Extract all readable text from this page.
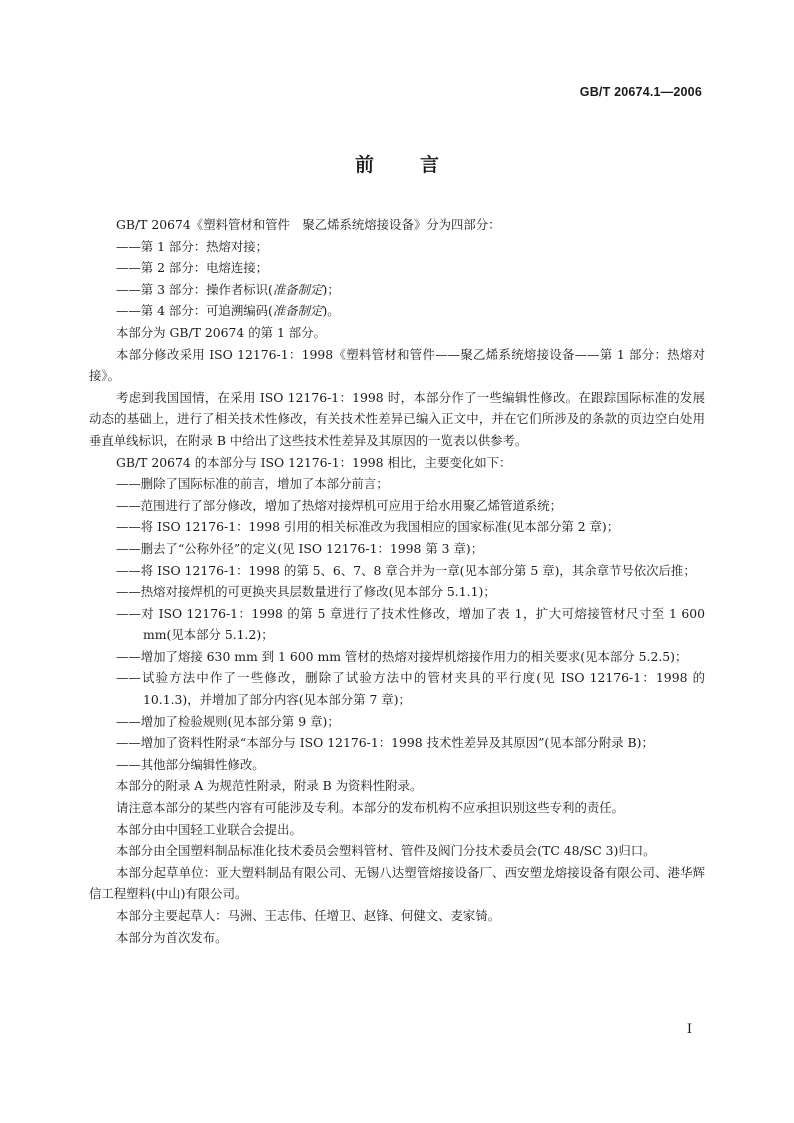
GB/T 20674.1—2006
前言

GB/T 20674《塑料管材和管件　聚乙烯系统熔接设备》分为四部分：

——第 1 部分：热熔对接；

——第 2 部分：电熔连接；

——第 3 部分：操作者标识(准备制定)；

——第 4 部分：可追溯编码(准备制定)。

本部分为 GB/T 20674 的第 1 部分。

本部分修改采用 ISO 12176-1：1998《塑料管材和管件——聚乙烯系统熔接设备——第 1 部分：热熔对接》。

考虑到我国国情，在采用 ISO 12176-1：1998 时，本部分作了一些编辑性修改。在跟踪国际标准的发展动态的基础上，进行了相关技术性修改，有关技术性差异已编入正文中，并在它们所涉及的条款的页边空白处用垂直单线标识，在附录 B 中给出了这些技术性差异及其原因的一览表以供参考。

GB/T 20674 的本部分与 ISO 12176-1：1998 相比，主要变化如下：

——删除了国际标准的前言，增加了本部分前言；

——范围进行了部分修改，增加了热熔对接焊机可应用于给水用聚乙烯管道系统；

——将 ISO 12176-1：1998 引用的相关标准改为我国相应的国家标准(见本部分第 2 章)；

——删去了“公称外径”的定义(见 ISO 12176-1：1998 第 3 章)；

——将 ISO 12176-1：1998 的第 5、6、7、8 章合并为一章(见本部分第 5 章)，其余章节号依次后推；

——热熔对接焊机的可更换夹具层数量进行了修改(见本部分 5.1.1)；

——对 ISO 12176-1：1998 的第 5 章进行了技术性修改，增加了表 1，扩大可熔接管材尺寸至 1 600 mm(见本部分 5.1.2)；

——增加了熔接 630 mm 到 1 600 mm 管材的热熔对接焊机熔接作用力的相关要求(见本部分 5.2.5)；

——试验方法中作了一些修改，删除了试验方法中的管材夹具的平行度(见 ISO 12176-1：1998 的 10.1.3)，并增加了部分内容(见本部分第 7 章)；

——增加了检验规则(见本部分第 9 章)；

——增加了资料性附录“本部分与 ISO 12176-1：1998 技术性差异及其原因”(见本部分附录 B)；

——其他部分编辑性修改。

本部分的附录 A 为规范性附录，附录 B 为资料性附录。

请注意本部分的某些内容有可能涉及专利。本部分的发布机构不应承担识别这些专利的责任。

本部分由中国轻工业联合会提出。

本部分由全国塑料制品标准化技术委员会塑料管材、管件及阀门分技术委员会(TC 48/SC 3)归口。

本部分起草单位：亚大塑料制品有限公司、无锡八达塑管熔接设备厂、西安塑龙熔接设备有限公司、港华辉信工程塑料(中山)有限公司。

本部分主要起草人：马洲、王志伟、任增卫、赵锋、何健文、麦家锜。

本部分为首次发布。

I
